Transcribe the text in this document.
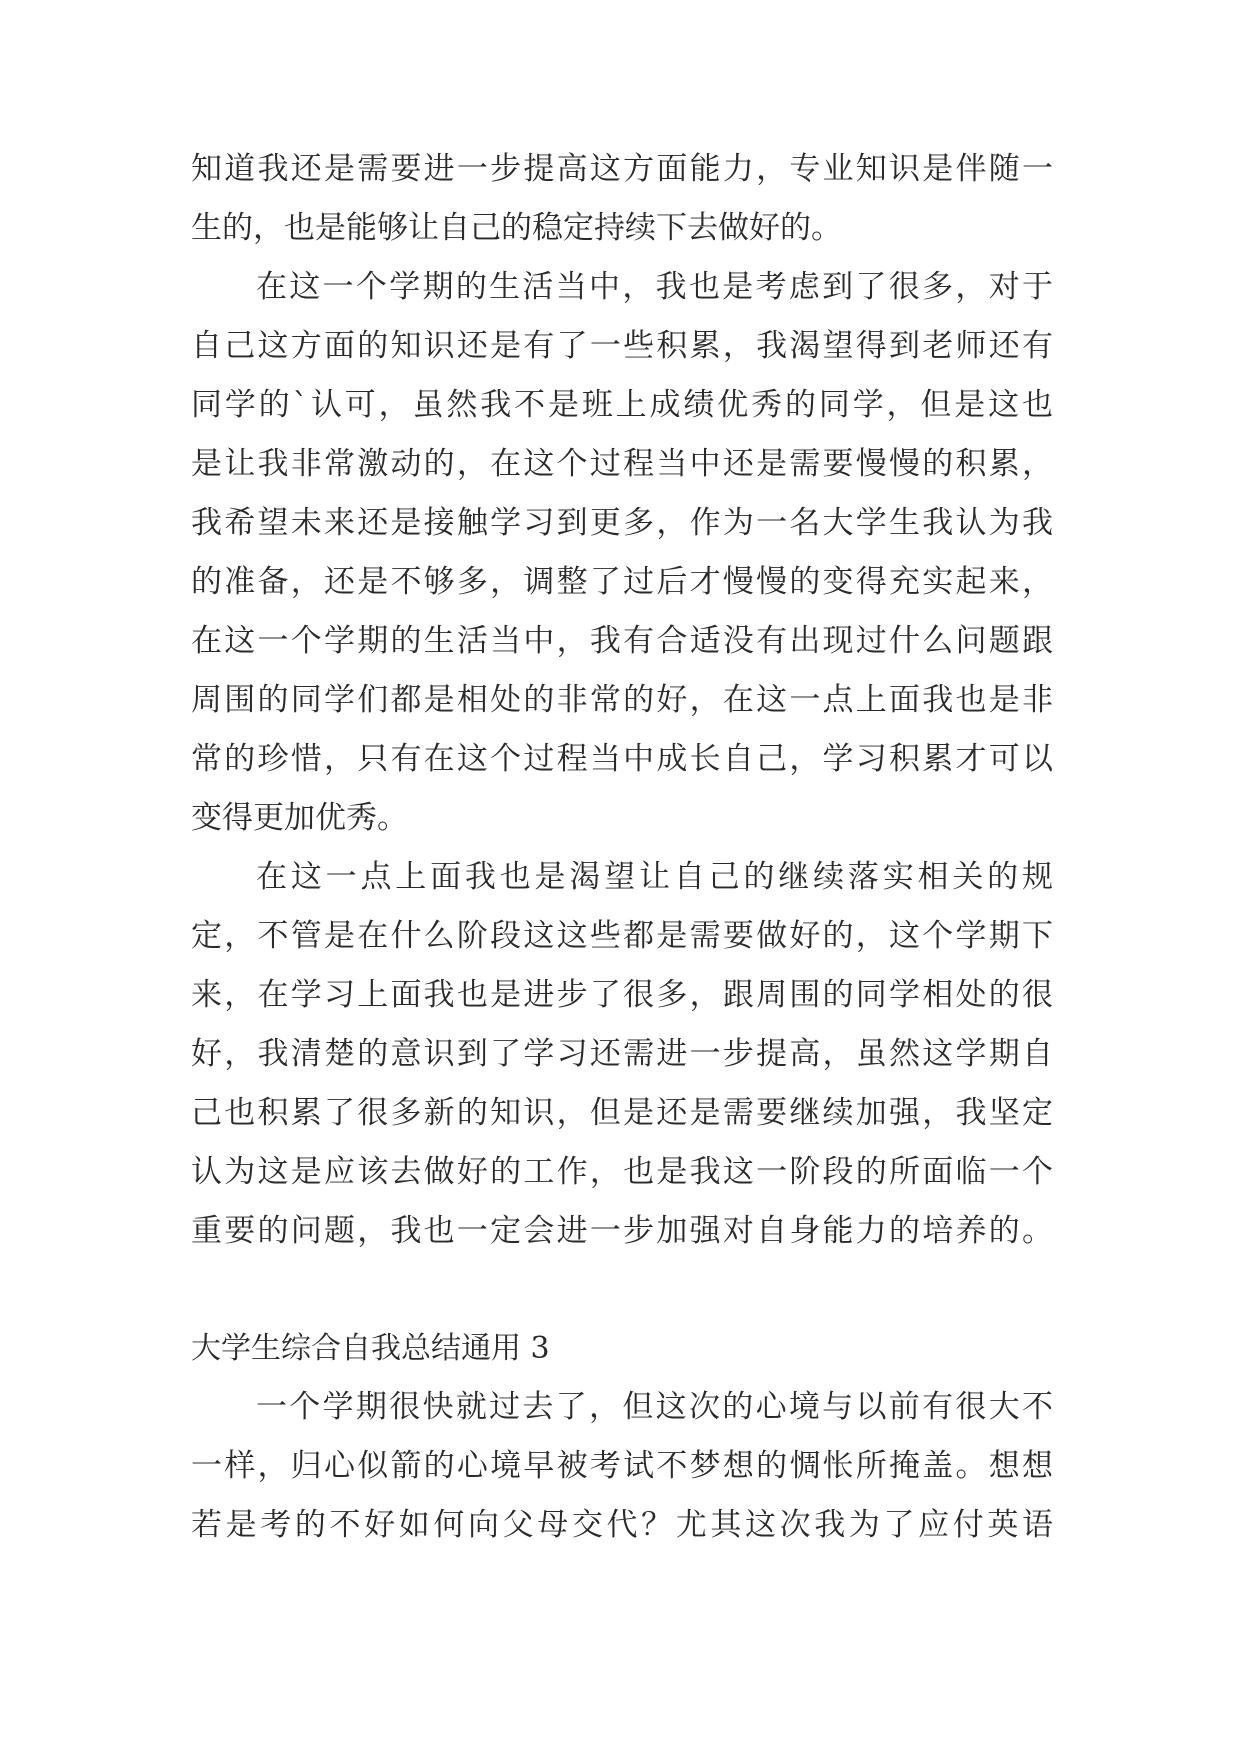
知道我还是需要进一步提高这方面能力，专业知识是伴随一
生的，也是能够让自己的稳定持续下去做好的。
在这一个学期的生活当中，我也是考虑到了很多，对于
自己这方面的知识还是有了一些积累，我渴望得到老师还有
同学的`认可，虽然我不是班上成绩优秀的同学，但是这也
是让我非常激动的，在这个过程当中还是需要慢慢的积累，
我希望未来还是接触学习到更多，作为一名大学生我认为我
的准备，还是不够多，调整了过后才慢慢的变得充实起来，
在这一个学期的生活当中，我有合适没有出现过什么问题跟
周围的同学们都是相处的非常的好，在这一点上面我也是非
常的珍惜，只有在这个过程当中成长自己，学习积累才可以
变得更加优秀。
在这一点上面我也是渴望让自己的继续落实相关的规
定，不管是在什么阶段这这些都是需要做好的，这个学期下
来，在学习上面我也是进步了很多，跟周围的同学相处的很
好，我清楚的意识到了学习还需进一步提高，虽然这学期自
己也积累了很多新的知识，但是还是需要继续加强，我坚定
认为这是应该去做好的工作，也是我这一阶段的所面临一个
重要的问题，我也一定会进一步加强对自身能力的培养的。
大学生综合自我总结通用 3
一个学期很快就过去了，但这次的心境与以前有很大不
一样，归心似箭的心境早被考试不梦想的惆怅所掩盖。想想
若是考的不好如何向父母交代？尤其这次我为了应付英语
